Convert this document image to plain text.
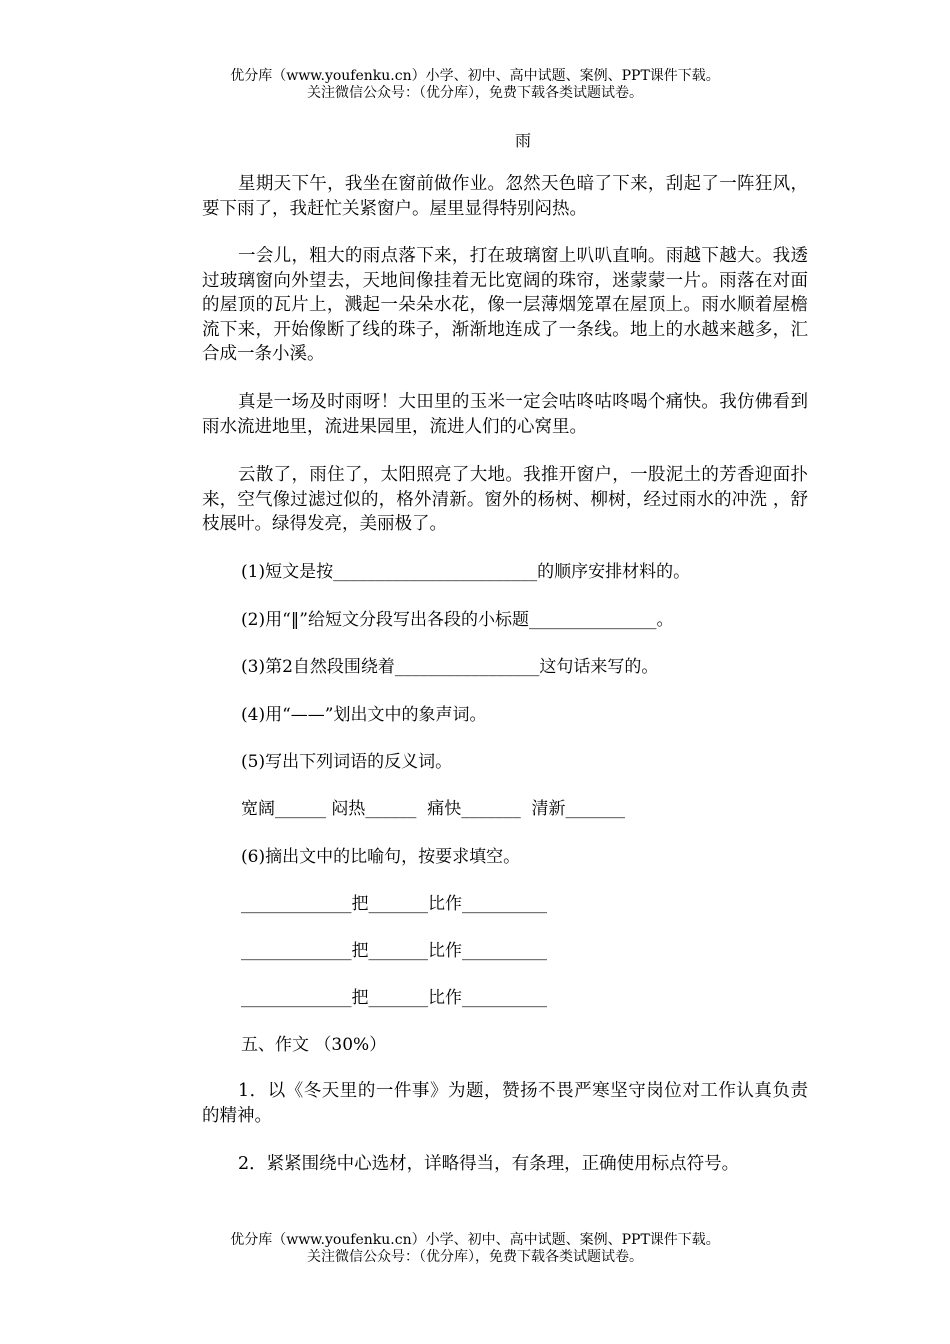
优分库（www.youfenku.cn）小学、初中、高中试题、案例、PPT课件下载。
关注微信公众号：（优分库），免费下载各类试题试卷。
雨

星期天下午，我坐在窗前做作业。忽然天色暗了下来，刮起了一阵狂风，要下雨了，我赶忙关紧窗户。屋里显得特别闷热。

一会儿，粗大的雨点落下来，打在玻璃窗上叭叭直响。雨越下越大。我透过玻璃窗向外望去，天地间像挂着无比宽阔的珠帘，迷蒙蒙一片。雨落在对面的屋顶的瓦片上，溅起一朵朵水花，像一层薄烟笼罩在屋顶上。雨水顺着屋檐流下来，开始像断了线的珠子，渐渐地连成了一条线。地上的水越来越多，汇合成一条小溪。

真是一场及时雨呀！大田里的玉米一定会咕咚咕咚喝个痛快。我仿佛看到雨水流进地里，流进果园里，流进人们的心窝里。

云散了，雨住了，太阳照亮了大地。我推开窗户，一股泥土的芳香迎面扑来，空气像过滤过似的，格外清新。窗外的杨树、柳树，经过雨水的冲洗 ，舒枝展叶。绿得发亮，美丽极了。

(1)短文是按________________________的顺序安排材料的。
(2)用“‖”给短文分段写出各段的小标题_______________。
(3)第2自然段围绕着_________________这句话来写的。
(4)用“——”划出文中的象声词。
(5)写出下列词语的反义词。
宽阔______ 闷热______  痛快_______  清新_______
(6)摘出文中的比喻句，按要求填空。
_____________把_______比作__________
_____________把_______比作__________
_____________把_______比作__________
五、作文 （30%）

1．以《冬天里的一件事》为题，赞扬不畏严寒坚守岗位对工作认真负责的精神。

2．紧紧围绕中心选材，详略得当，有条理，正确使用标点符号。

优分库（www.youfenku.cn）小学、初中、高中试题、案例、PPT课件下载。
关注微信公众号：（优分库），免费下载各类试题试卷。
